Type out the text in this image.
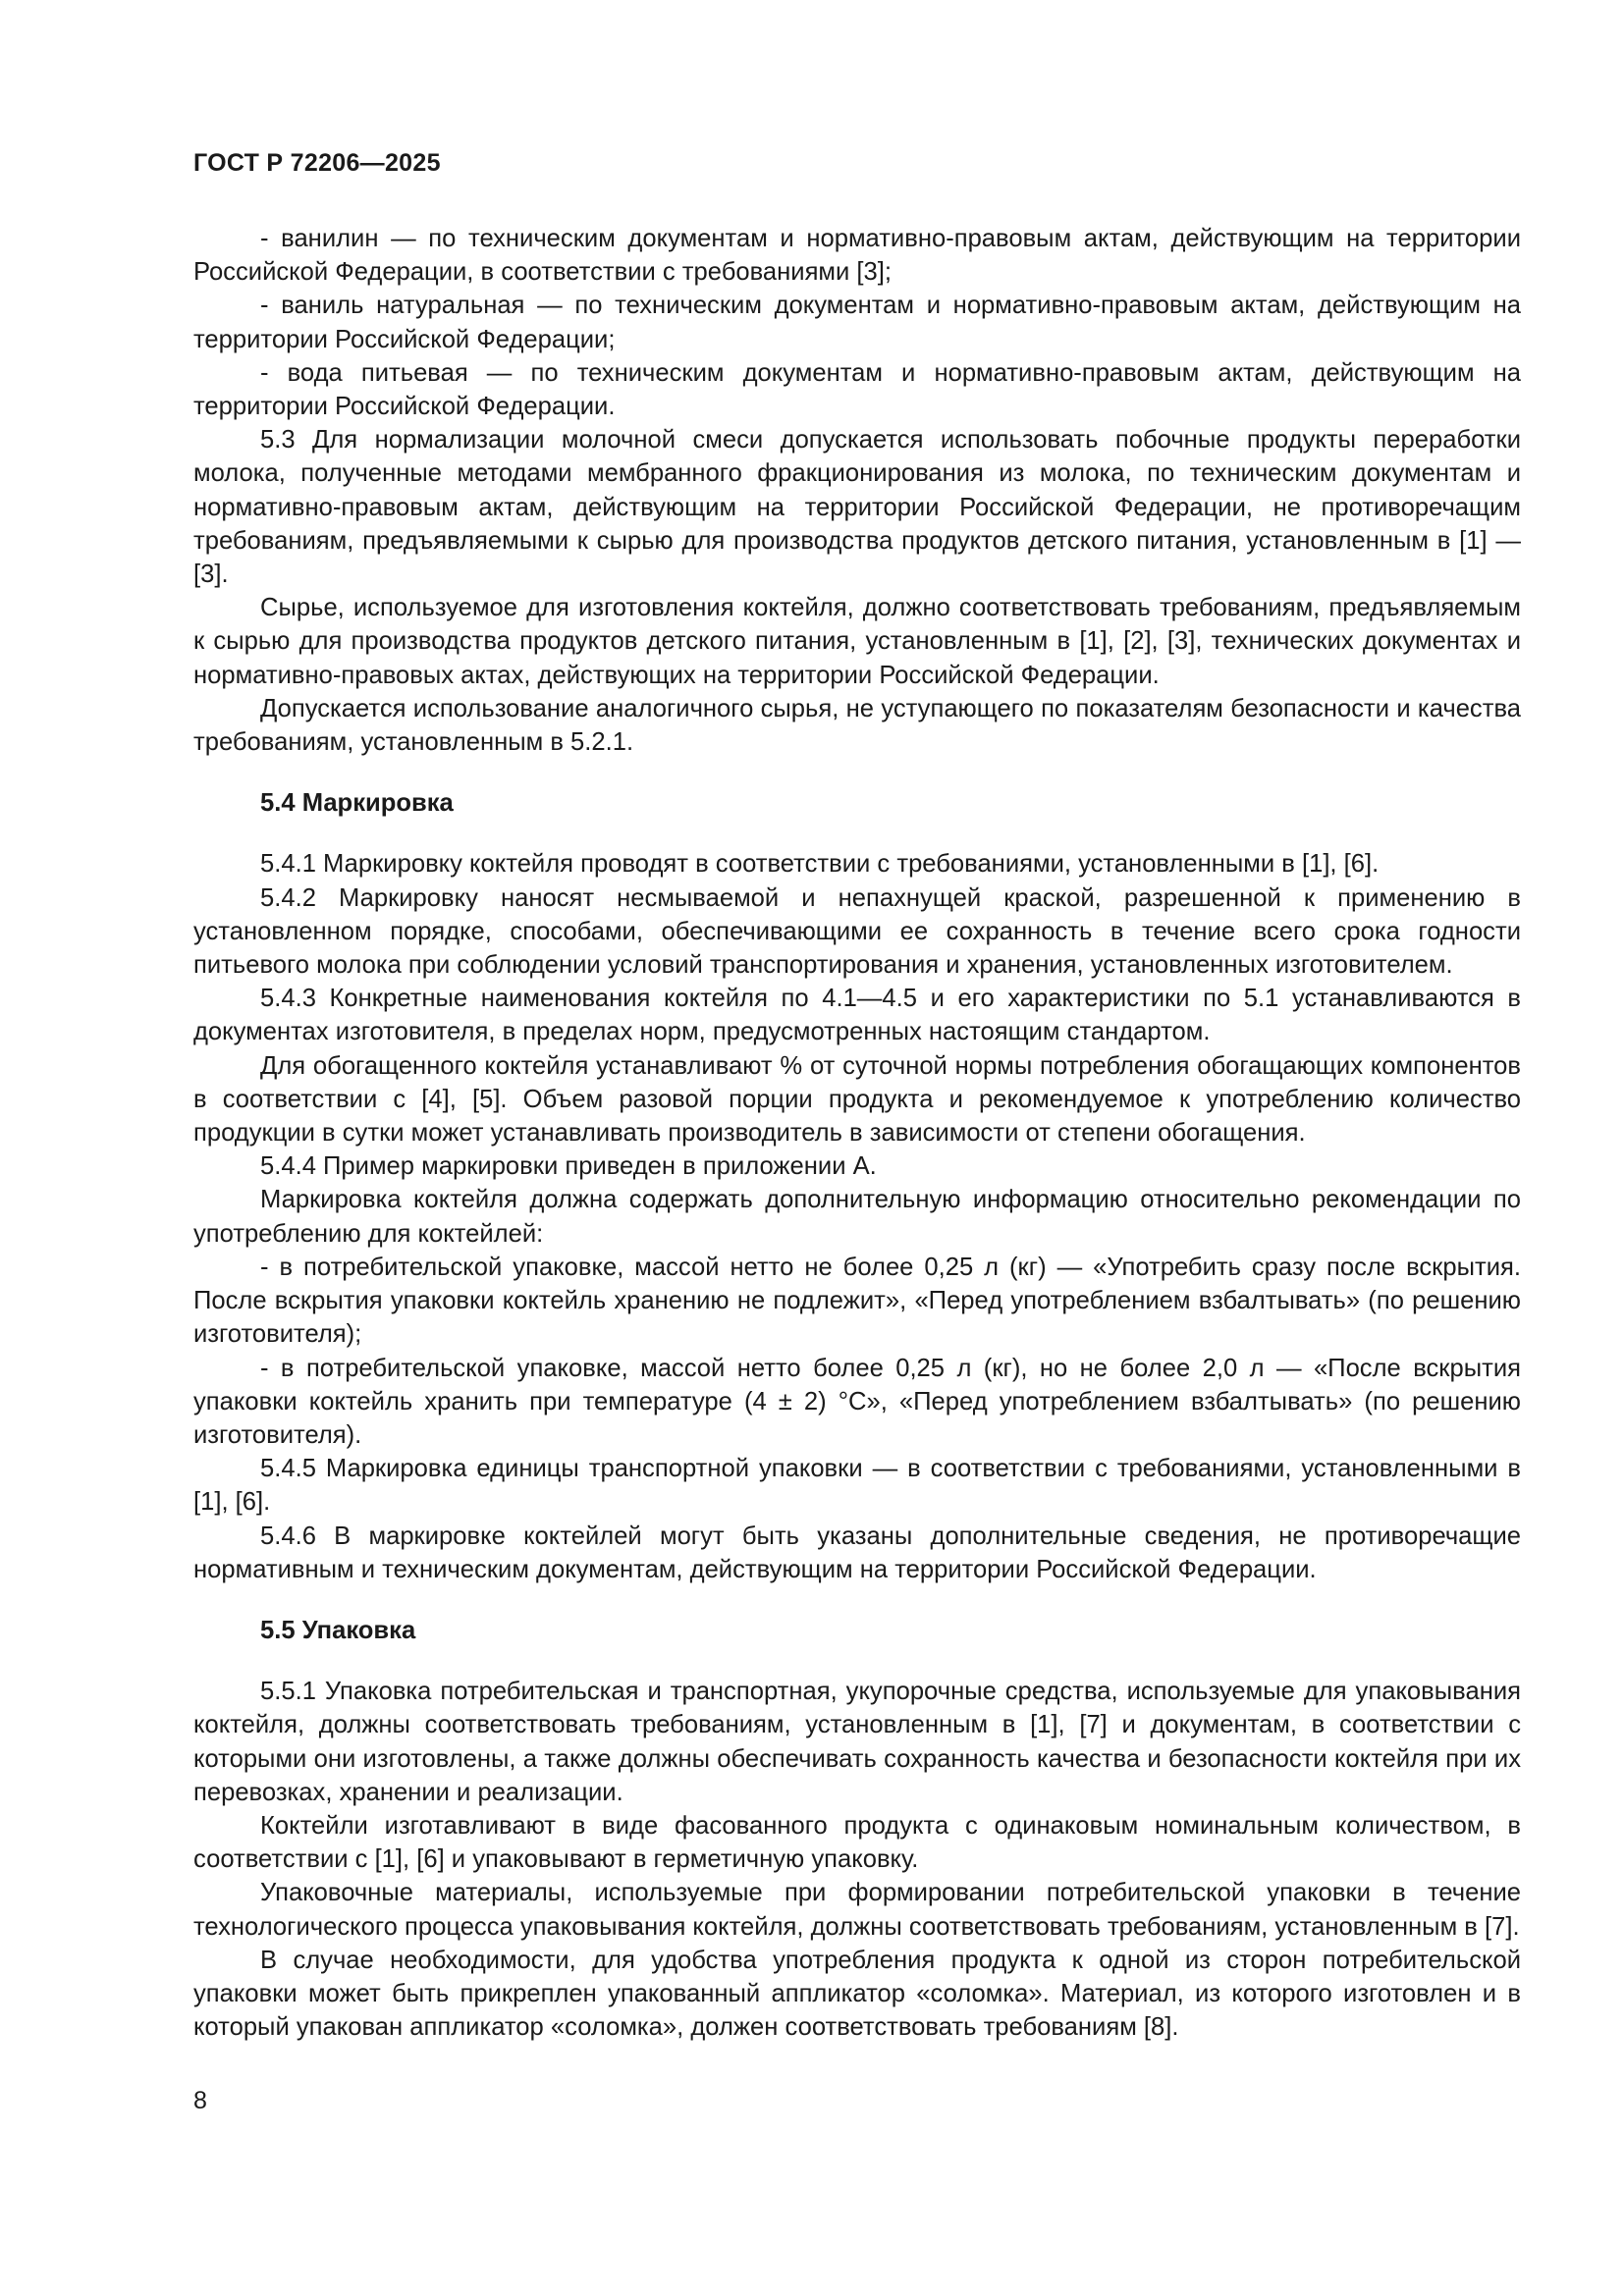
ГОСТ Р 72206—2025

- ванилин — по техническим документам и нормативно-правовым актам, действующим на территории Российской Федерации, в соответствии с требованиями [3];

- ваниль натуральная — по техническим документам и нормативно-правовым актам, действующим на территории Российской Федерации;

- вода питьевая — по техническим документам и нормативно-правовым актам, действующим на территории Российской Федерации.

5.3 Для нормализации молочной смеси допускается использовать побочные продукты переработки молока, полученные методами мембранного фракционирования из молока, по техническим документам и нормативно-правовым актам, действующим на территории Российской Федерации, не противоречащим требованиям, предъявляемыми к сырью для производства продуктов детского питания, установленным в [1] — [3].

Сырье, используемое для изготовления коктейля, должно соответствовать требованиям, предъявляемым к сырью для производства продуктов детского питания, установленным в [1], [2], [3], технических документах и нормативно-правовых актах, действующих на территории Российской Федерации.

Допускается использование аналогичного сырья, не уступающего по показателям безопасности и качества требованиям, установленным в 5.2.1.

5.4 Маркировка

5.4.1 Маркировку коктейля проводят в соответствии с требованиями, установленными в [1], [6].

5.4.2 Маркировку наносят несмываемой и непахнущей краской, разрешенной к применению в установленном порядке, способами, обеспечивающими ее сохранность в течение всего срока годности питьевого молока при соблюдении условий транспортирования и хранения, установленных изготовителем.

5.4.3 Конкретные наименования коктейля по 4.1—4.5 и его характеристики по 5.1 устанавливаются в документах изготовителя, в пределах норм, предусмотренных настоящим стандартом.

Для обогащенного коктейля устанавливают % от суточной нормы потребления обогащающих компонентов в соответствии с [4], [5]. Объем разовой порции продукта и рекомендуемое к употреблению количество продукции в сутки может устанавливать производитель в зависимости от степени обогащения.

5.4.4 Пример маркировки приведен в приложении А.

Маркировка коктейля должна содержать дополнительную информацию относительно рекомендации по употреблению для коктейлей:

- в потребительской упаковке, массой нетто не более 0,25 л (кг) — «Употребить сразу после вскрытия. После вскрытия упаковки коктейль хранению не подлежит», «Перед употреблением взбалтывать» (по решению изготовителя);

- в потребительской упаковке, массой нетто более 0,25 л (кг), но не более 2,0 л — «После вскрытия упаковки коктейль хранить при температуре (4 ± 2) °С», «Перед употреблением взбалтывать» (по решению изготовителя).

5.4.5 Маркировка единицы транспортной упаковки — в соответствии с требованиями, установленными в [1], [6].

5.4.6 В маркировке коктейлей могут быть указаны дополнительные сведения, не противоречащие нормативным и техническим документам, действующим на территории Российской Федерации.

5.5 Упаковка

5.5.1 Упаковка потребительская и транспортная, укупорочные средства, используемые для упаковывания коктейля, должны соответствовать требованиям, установленным в [1], [7] и документам, в соответствии с которыми они изготовлены, а также должны обеспечивать сохранность качества и безопасности коктейля при их перевозках, хранении и реализации.

Коктейли изготавливают в виде фасованного продукта с одинаковым номинальным количеством, в соответствии с [1], [6] и упаковывают в герметичную упаковку.

Упаковочные материалы, используемые при формировании потребительской упаковки в течение технологического процесса упаковывания коктейля, должны соответствовать требованиям, установленным в [7].

В случае необходимости, для удобства употребления продукта к одной из сторон потребительской упаковки может быть прикреплен упакованный аппликатор «соломка». Материал, из которого изготовлен и в который упакован аппликатор «соломка», должен соответствовать требованиям [8].

8
